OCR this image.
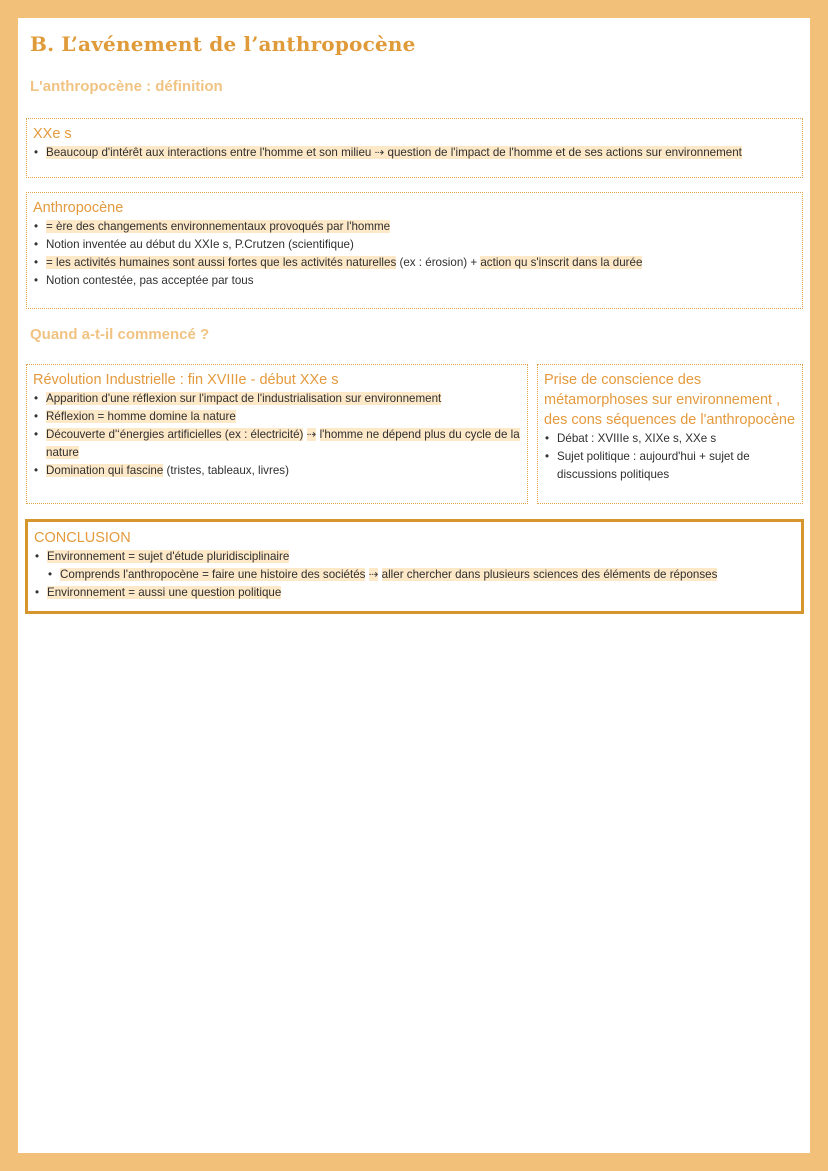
B. L’avénement de l’anthropocène
L'anthropocène : définition
XXe s
• Beaucoup d'intérêt aux interactions entre l'homme et son milieu ⇢ question de l'impact de l'homme et de ses actions sur environnement
Anthropocène
• = ère des changements environnementaux provoqués par l'homme
• Notion inventée au début du XXIe s, P.Crutzen (scientifique)
• = les activités humaines sont aussi fortes que les activités naturelles (ex : érosion) + action qu s'inscrit dans la durée
• Notion contestée, pas acceptée par tous
Quand a-t-il commencé ?
Révolution Industrielle : fin XVIIIe - début XXe s
• Apparition d'une réflexion sur l'impact de l'industrialisation sur environnement
• Réflexion = homme domine la nature
• Découverte d'‘énergies artificielles (ex : électricité) ⇢ l'homme ne dépend plus du cycle de la nature
• Domination qui fascine (tristes, tableaux, livres)
Prise de conscience des
métamorphoses sur environnement ,
des cons séquences de l'anthropocène
• Débat : XVIIIe s, XIXe s, XXe s
• Sujet politique : aujourd'hui + sujet de discussions politiques
CONCLUSION
• Environnement = sujet d'étude pluridisciplinaire
• Comprends l'anthropocène = faire une histoire des sociétés ⇢ aller chercher dans plusieurs sciences des éléments de réponses
• Environnement = aussi une question politique
